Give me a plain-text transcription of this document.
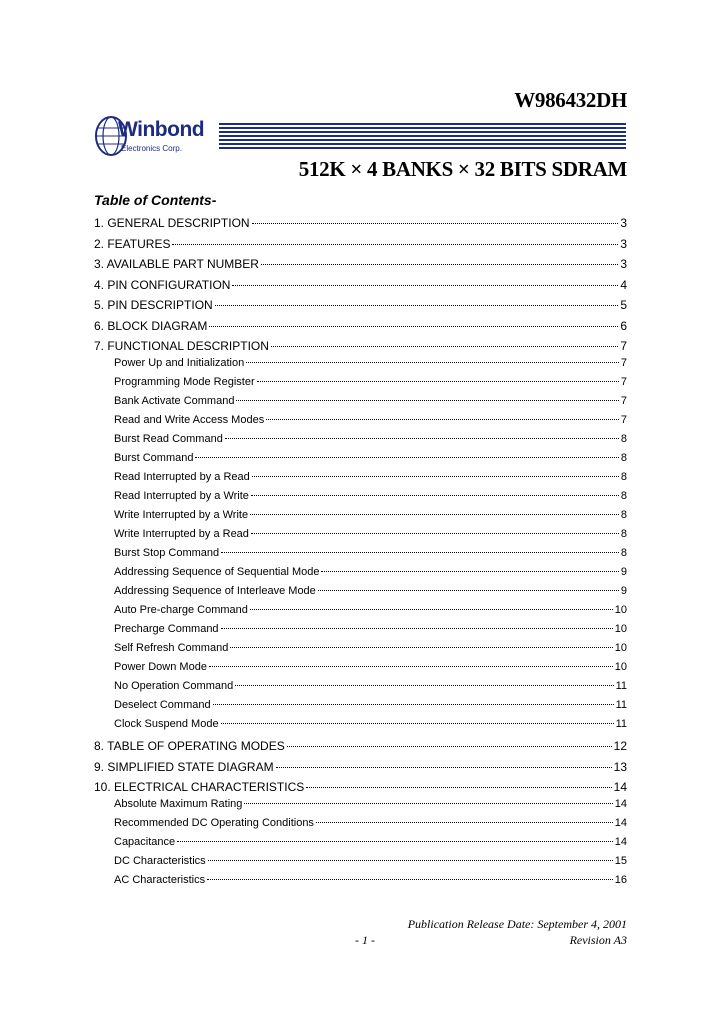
W986432DH
Winbond
Electronics Corp.
512K × 4 BANKS × 32 BITS SDRAM
Table of Contents-
1. GENERAL DESCRIPTION	3
2. FEATURES	3
3. AVAILABLE PART NUMBER	3
4. PIN CONFIGURATION	4
5. PIN DESCRIPTION	5
6. BLOCK DIAGRAM	6
7. FUNCTIONAL DESCRIPTION	7
Power Up and Initialization	7
Programming Mode Register	7
Bank Activate Command	7
Read and Write Access Modes	7
Burst Read Command	8
Burst Command	8
Read Interrupted by a Read	8
Read Interrupted by a Write	8
Write Interrupted by a Write	8
Write Interrupted by a Read	8
Burst Stop Command	8
Addressing Sequence of Sequential Mode	9
Addressing Sequence of Interleave Mode	9
Auto Pre-charge Command	10
Precharge Command	10
Self Refresh Command	10
Power Down Mode	10
No Operation Command	11
Deselect Command	11
Clock Suspend Mode	11
8. TABLE OF OPERATING MODES	12
9. SIMPLIFIED STATE DIAGRAM	13
10. ELECTRICAL CHARACTERISTICS	14
Absolute Maximum Rating	14
Recommended DC Operating Conditions	14
Capacitance	14
DC Characteristics	15
AC Characteristics	16
Publication Release Date: September 4, 2001
- 1 -	Revision A3
